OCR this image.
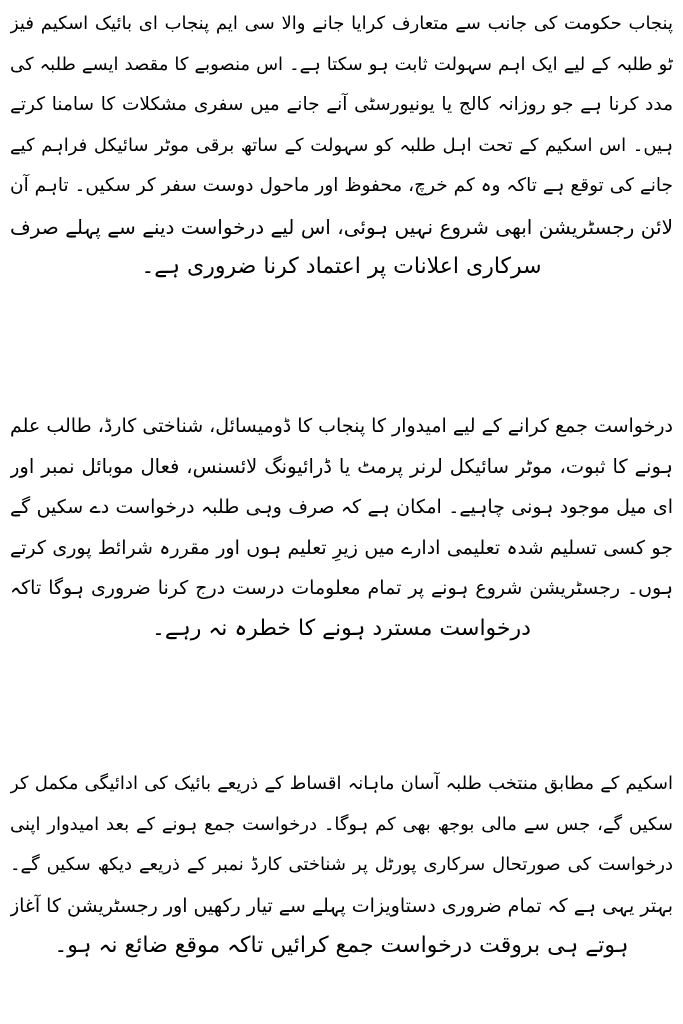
پنجاب حکومت کی جانب سے متعارف کرایا جانے والا سی ایم پنجاب ای بائیک اسکیم فیز
ٹو طلبہ کے لیے ایک اہم سہولت ثابت ہو سکتا ہے۔ اس منصوبے کا مقصد ایسے طلبہ کی
مدد کرنا ہے جو روزانہ کالج یا یونیورسٹی آنے جانے میں سفری مشکلات کا سامنا کرتے
ہیں۔ اس اسکیم کے تحت اہل طلبہ کو سہولت کے ساتھ برقی موٹر سائیکل فراہم کیے
جانے کی توقع ہے تاکہ وہ کم خرچ، محفوظ اور ماحول دوست سفر کر سکیں۔ تاہم آن
لائن رجسٹریشن ابھی شروع نہیں ہوئی، اس لیے درخواست دینے سے پہلے صرف
سرکاری اعلانات پر اعتماد کرنا ضروری ہے۔
درخواست جمع کرانے کے لیے امیدوار کا پنجاب کا ڈومیسائل، شناختی کارڈ، طالب علم
ہونے کا ثبوت، موٹر سائیکل لرنر پرمٹ یا ڈرائیونگ لائسنس، فعال موبائل نمبر اور
ای میل موجود ہونی چاہیے۔ امکان ہے کہ صرف وہی طلبہ درخواست دے سکیں گے
جو کسی تسلیم شدہ تعلیمی ادارے میں زیرِ تعلیم ہوں اور مقررہ شرائط پوری کرتے
ہوں۔ رجسٹریشن شروع ہونے پر تمام معلومات درست درج کرنا ضروری ہوگا تاکہ
درخواست مسترد ہونے کا خطرہ نہ رہے۔
اسکیم کے مطابق منتخب طلبہ آسان ماہانہ اقساط کے ذریعے بائیک کی ادائیگی مکمل کر
سکیں گے، جس سے مالی بوجھ بھی کم ہوگا۔ درخواست جمع ہونے کے بعد امیدوار اپنی
درخواست کی صورتحال سرکاری پورٹل پر شناختی کارڈ نمبر کے ذریعے دیکھ سکیں گے۔
بہتر یہی ہے کہ تمام ضروری دستاویزات پہلے سے تیار رکھیں اور رجسٹریشن کا آغاز
ہوتے ہی بروقت درخواست جمع کرائیں تاکہ موقع ضائع نہ ہو۔
